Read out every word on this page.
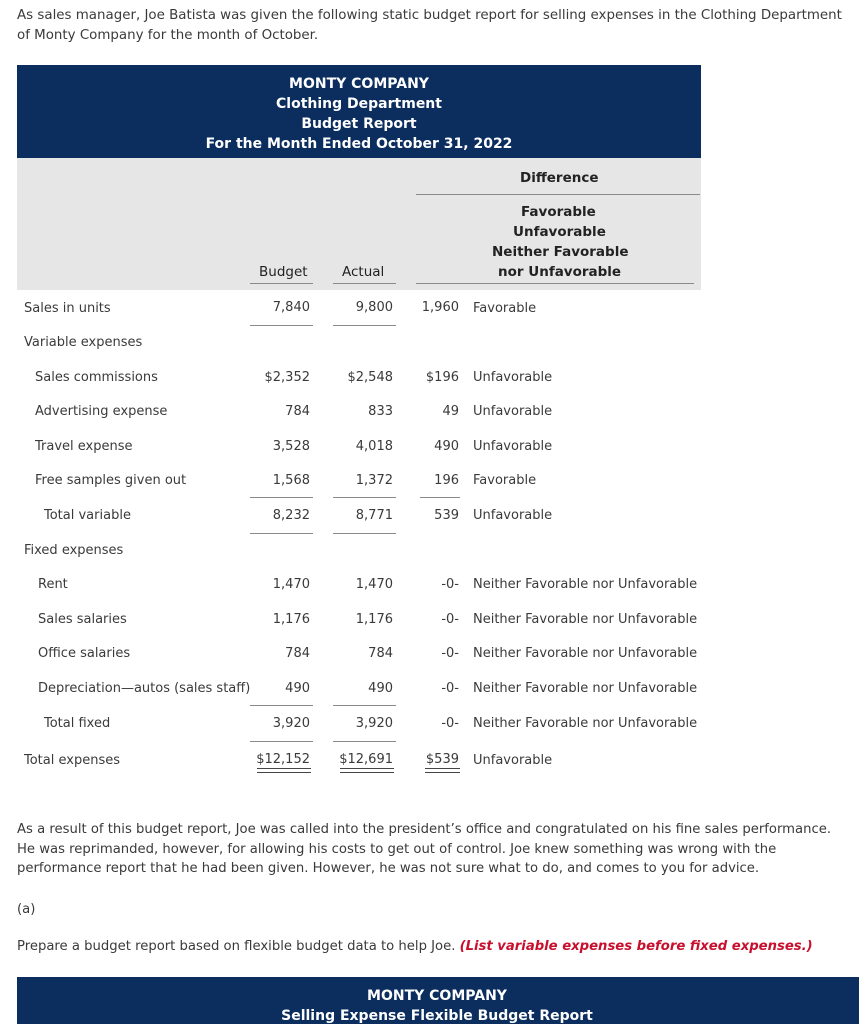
As sales manager, Joe Batista was given the following static budget report for selling expenses in the Clothing Department of Monty Company for the month of October.
MONTY COMPANY
Clothing Department
Budget Report
For the Month Ended October 31, 2022
Difference
Favorable
Unfavorable
Neither Favorable
nor Unfavorable
Budget	Actual
Sales in units	7,840	9,800	1,960 Favorable
Variable expenses
Sales commissions	$2,352	$2,548	$196 Unfavorable
Advertising expense	784	833	49 Unfavorable
Travel expense	3,528	4,018	490 Unfavorable
Free samples given out	1,568	1,372	196 Favorable
Total variable	8,232	8,771	539 Unfavorable
Fixed expenses
Rent	1,470	1,470	-0- Neither Favorable nor Unfavorable
Sales salaries	1,176	1,176	-0- Neither Favorable nor Unfavorable
Office salaries	784	784	-0- Neither Favorable nor Unfavorable
Depreciation—autos (sales staff)	490	490	-0- Neither Favorable nor Unfavorable
Total fixed	3,920	3,920	-0- Neither Favorable nor Unfavorable
Total expenses	$12,152	$12,691	$539 Unfavorable
As a result of this budget report, Joe was called into the president’s office and congratulated on his fine sales performance. He was reprimanded, however, for allowing his costs to get out of control. Joe knew something was wrong with the performance report that he had been given. However, he was not sure what to do, and comes to you for advice.
(a)
Prepare a budget report based on flexible budget data to help Joe. (List variable expenses before fixed expenses.)
MONTY COMPANY
Selling Expense Flexible Budget Report
